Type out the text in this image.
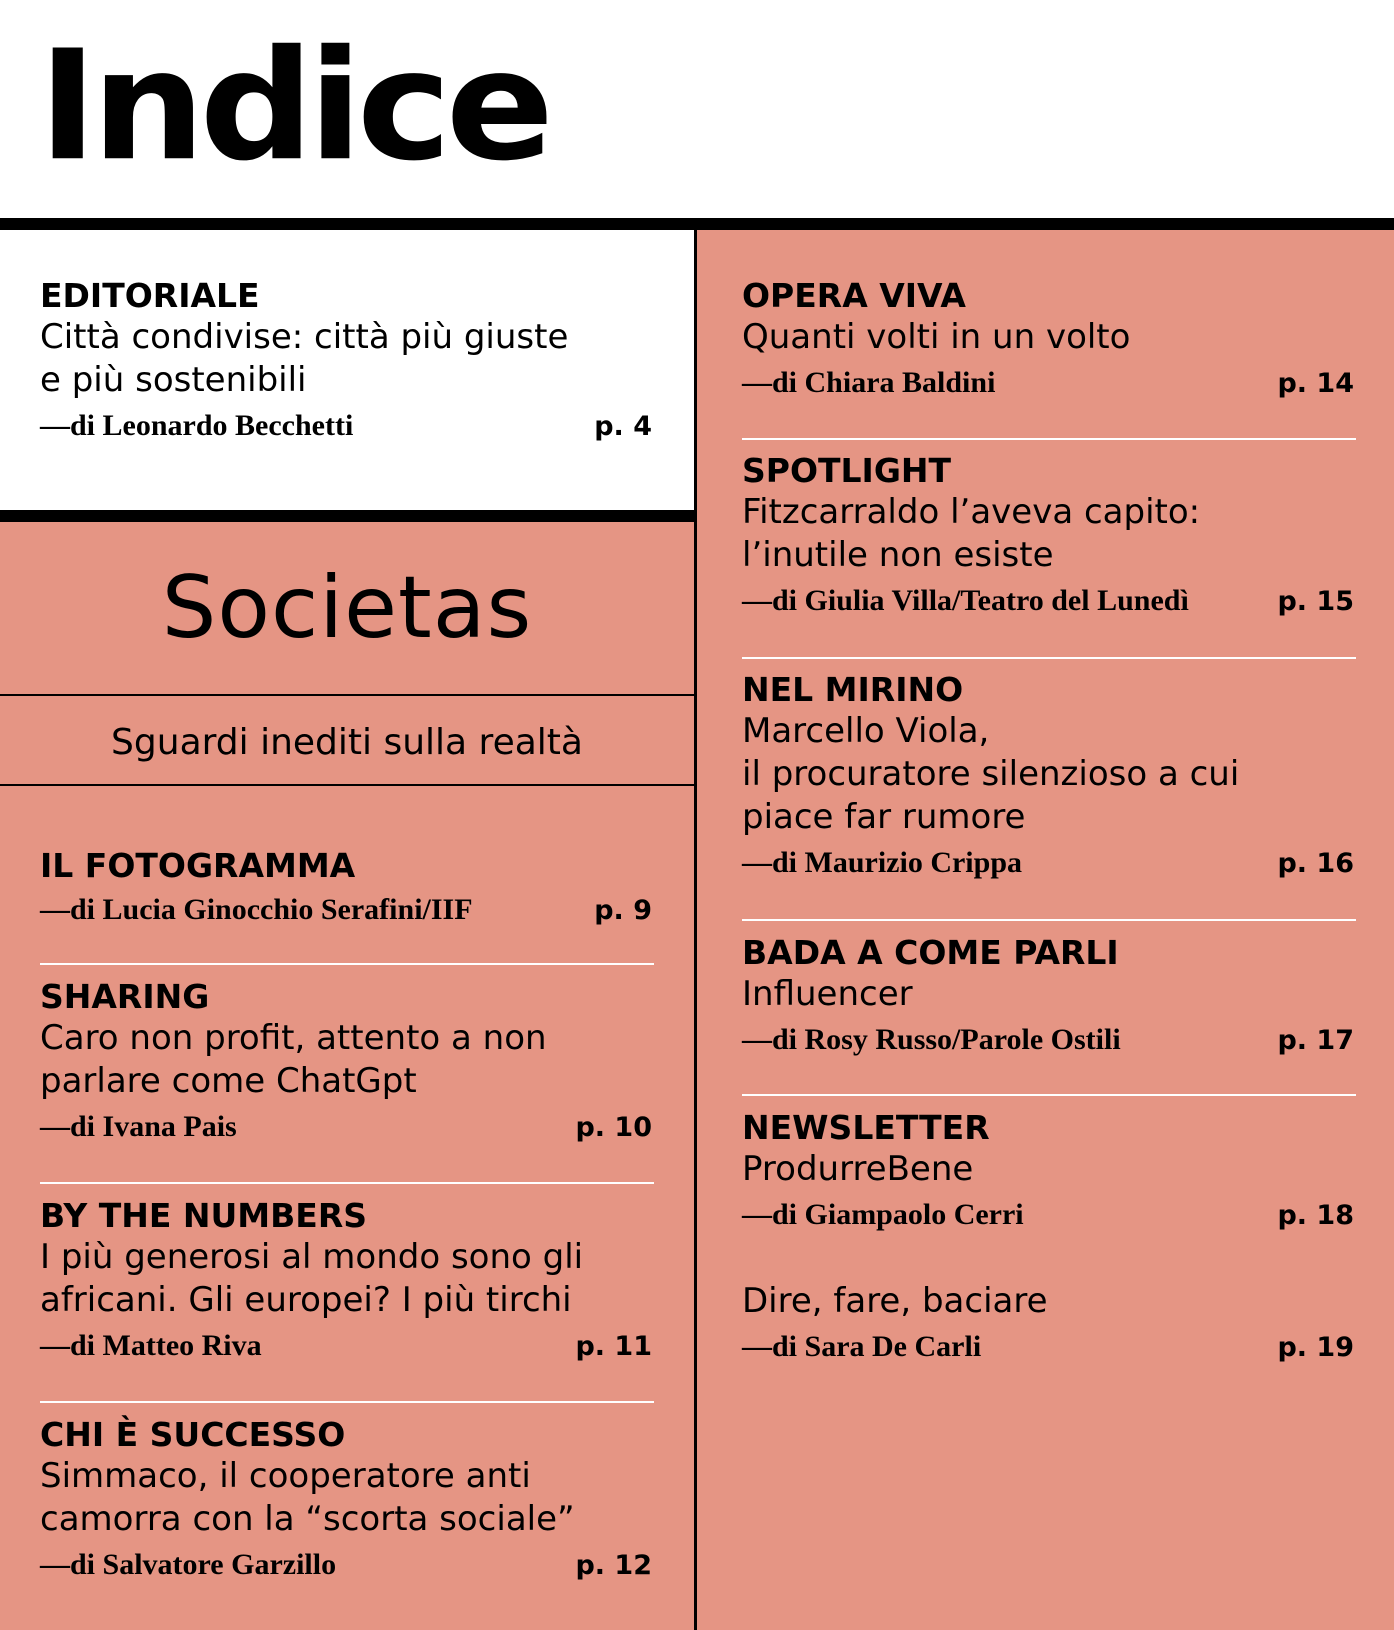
Indice
EDITORIALE
Città condivise: città più giuste
e più sostenibili
—di Leonardo Becchetti	p. 4
Societas
Sguardi inediti sulla realtà
IL FOTOGRAMMA
—di Lucia Ginocchio Serafini/IIF	p. 9
SHARING
Caro non profit, attento a non
parlare come ChatGpt
—di Ivana Pais	p. 10
BY THE NUMBERS
I più generosi al mondo sono gli
africani. Gli europei? I più tirchi
—di Matteo Riva	p. 11
CHI È SUCCESSO
Simmaco, il cooperatore anti
camorra con la “scorta sociale”
—di Salvatore Garzillo	p. 12
OPERA VIVA
Quanti volti in un volto
—di Chiara Baldini	p. 14
SPOTLIGHT
Fitzcarraldo l’aveva capito:
l’inutile non esiste
—di Giulia Villa/Teatro del Lunedì	p. 15
NEL MIRINO
Marcello Viola,
il procuratore silenzioso a cui
piace far rumore
—di Maurizio Crippa	p. 16
BADA A COME PARLI
Influencer
—di Rosy Russo/Parole Ostili	p. 17
NEWSLETTER
ProdurreBene
—di Giampaolo Cerri	p. 18
Dire, fare, baciare
—di Sara De Carli	p. 19
